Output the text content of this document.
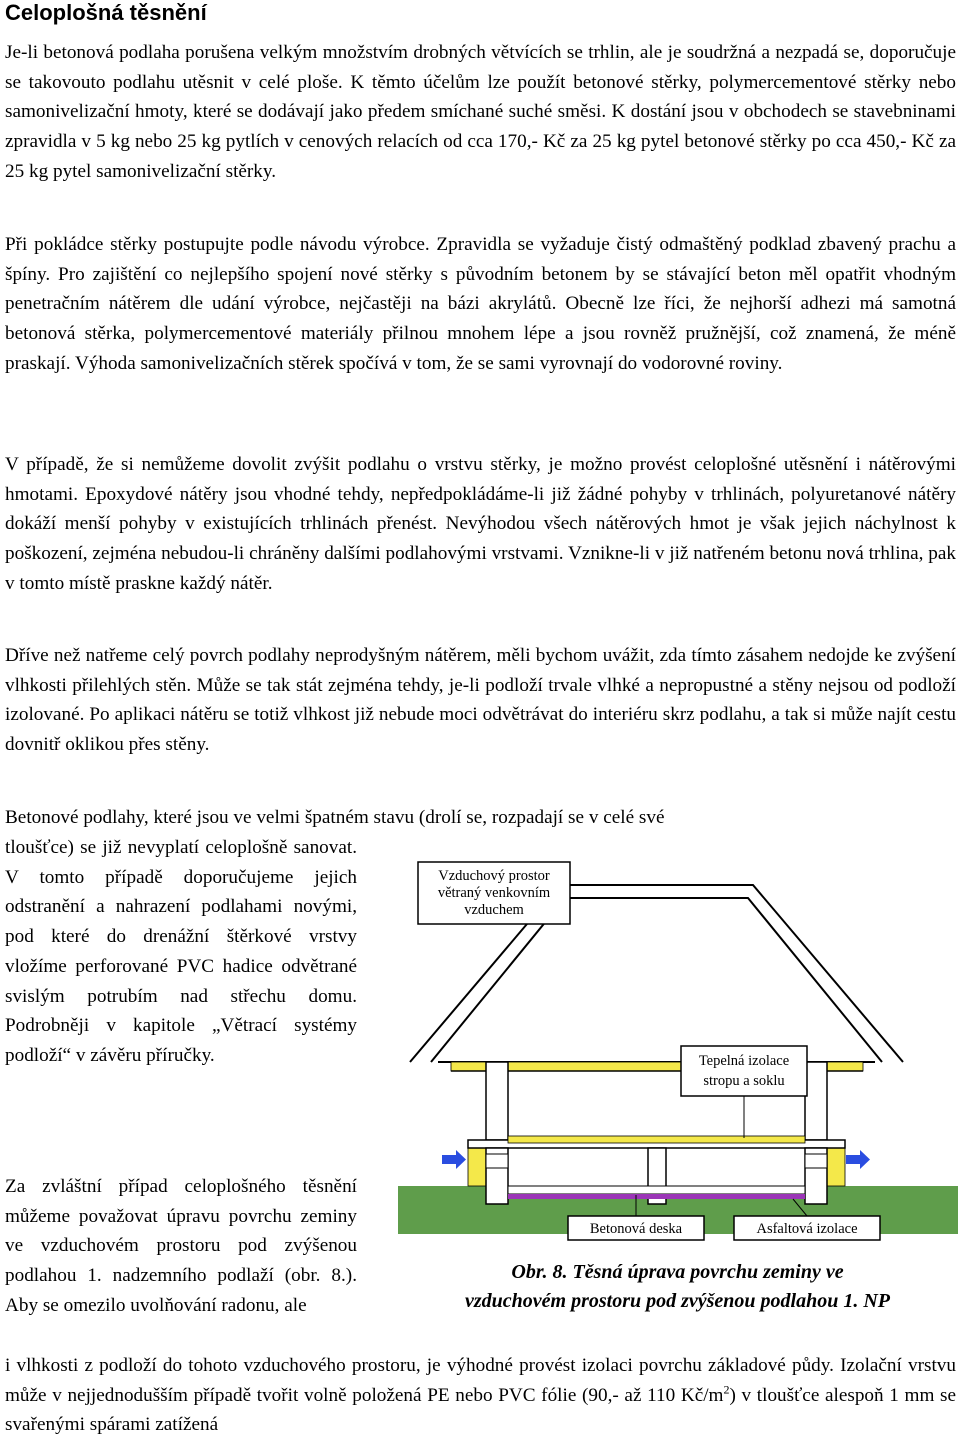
Celoplošná těsnění

Je-li betonová podlaha porušena velkým množstvím drobných větvících se trhlin, ale je soudržná a nezpadá se, doporučuje se takovouto podlahu utěsnit v celé ploše. K těmto účelům lze použít betonové stěrky, polymercementové stěrky nebo samonivelizační hmoty, které se dodávají jako předem smíchané suché směsi. K dostání jsou v obchodech se stavebninami zpravidla v 5 kg nebo 25 kg pytlích v cenových relacích od cca 170,- Kč za 25 kg pytel betonové stěrky po cca 450,- Kč za 25 kg pytel samonivelizační stěrky.

Při pokládce stěrky postupujte podle návodu výrobce. Zpravidla se vyžaduje čistý odmaštěný podklad zbavený prachu a špíny. Pro zajištění co nejlepšího spojení nové stěrky s původním betonem by se stávající beton měl opatřit vhodným penetračním nátěrem dle udání výrobce, nejčastěji na bázi akrylátů. Obecně lze říci, že nejhorší adhezi má samotná betonová stěrka, polymercementové materiály přilnou mnohem lépe a jsou rovněž pružnější, což znamená, že méně praskají. Výhoda samonivelizačních stěrek spočívá v tom, že se sami vyrovnají do vodorovné roviny.

V případě, že si nemůžeme dovolit zvýšit podlahu o vrstvu stěrky, je možno provést celoplošné utěsnění i nátěrovými hmotami. Epoxydové nátěry jsou vhodné tehdy, nepředpokládáme-li již žádné pohyby v trhlinách, polyuretanové nátěry dokáží menší pohyby v existujících trhlinách přenést. Nevýhodou všech nátěrových hmot je však jejich náchylnost k poškození, zejména nebudou-li chráněny dalšími podlahovými vrstvami. Vznikne-li v již natřeném betonu nová trhlina, pak v tomto místě praskne každý nátěr.

Dříve než natřeme celý povrch podlahy neprodyšným nátěrem, měli bychom uvážit, zda tímto zásahem nedojde ke zvýšení vlhkosti přilehlých stěn. Může se tak stát zejména tehdy, je-li podloží trvale vlhké a nepropustné a stěny nejsou od podloží izolované. Po aplikaci nátěru se totiž vlhkost již nebude moci odvětrávat do interiéru skrz podlahu, a tak si může najít cestu dovnitř oklikou přes stěny.

Betonové podlahy, které jsou ve velmi špatném stavu (drolí se, rozpadají se v celé své

tloušťce) se již nevyplatí celoplošně sanovat. V tomto případě doporučujeme jejich odstranění a nahrazení podlahami novými, pod které do drenážní štěrkové vrstvy vložíme perforované PVC hadice odvětrané svislým potrubím nad střechu domu. Podrobněji v kapitole „Větrací systémy podloží“ v závěru příručky.

Za zvláštní případ celoplošného těsnění můžeme považovat úpravu povrchu zeminy ve vzduchovém prostoru pod zvýšenou podlahou 1. nadzemního podlaží (obr. 8.). Aby se omezilo uvolňování radonu, ale

i vlhkosti z podloží do tohoto vzduchového prostoru, je výhodné provést izolaci povrchu základové půdy. Izolační vrstvu může v nejjednodušším případě tvořit volně položená PE nebo PVC fólie (90,- až 110 $Kč/m^2$) v tloušťce alespoň 1 mm se svařenými spárami zatížená

Vzduchový prostor
větraný venkovním
vzduchem
Tepelná izolace
stropu a soklu
Betonová deska	Asfaltová izolace
Obr. 8. Těsná úprava povrchu zeminy ve
vzduchovém prostoru pod zvýšenou podlahou 1. NP
